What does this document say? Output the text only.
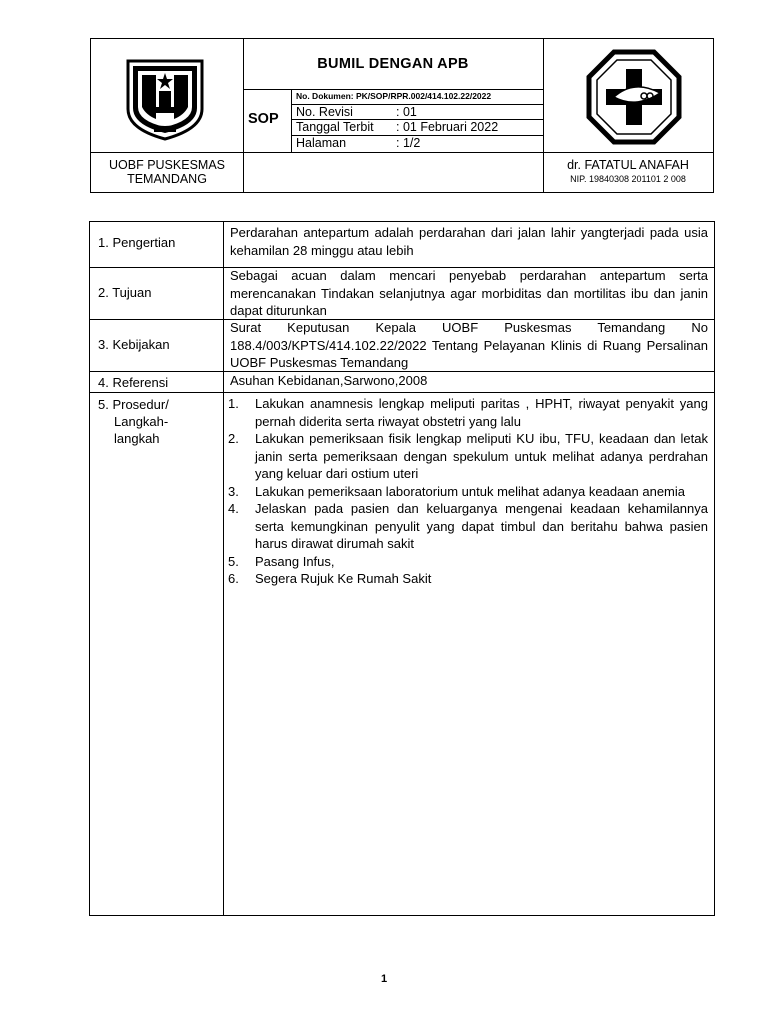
BUMIL DENGAN APB
SOP
No. Dokumen: PK/SOP/RPR.002/414.102.22/2022
No. Revisi	: 01
Tanggal Terbit : 01 Februari 2022
Halaman	: 1/2
UOBF PUSKESMAS
TEMANDANG
dr. FATATUL ANAFAH
NIP. 19840308 201101 2 008
1. Pengertian
Perdarahan antepartum adalah perdarahan dari jalan lahir yangterjadi pada usia kehamilan 28 minggu atau lebih
2. Tujuan
Sebagai acuan dalam mencari penyebab perdarahan antepartum serta merencanakan Tindakan selanjutnya agar morbiditas dan mortilitas ibu dan janin dapat diturunkan
3. Kebijakan
Surat Keputusan Kepala UOBF Puskesmas Temandang No 188.4/003/KPTS/414.102.22/2022 Tentang Pelayanan Klinis di Ruang Persalinan UOBF Puskesmas Temandang
4. Referensi	Asuhan Kebidanan,Sarwono,2008
5. Prosedur/
Langkah-
langkah
1. Lakukan anamnesis lengkap meliputi paritas , HPHT, riwayat penyakit yang pernah diderita serta riwayat obstetri yang lalu
2. Lakukan pemeriksaan fisik lengkap meliputi KU ibu, TFU, keadaan dan letak janin serta pemeriksaan dengan spekulum untuk melihat adanya perdrahan yang keluar dari ostium uteri
3. Lakukan pemeriksaan laboratorium untuk melihat adanya keadaan anemia
4. Jelaskan pada pasien dan keluarganya mengenai keadaan kehamilannya serta kemungkinan penyulit yang dapat timbul dan beritahu bahwa pasien harus dirawat dirumah sakit
5. Pasang Infus,
6. Segera Rujuk Ke Rumah Sakit
1
